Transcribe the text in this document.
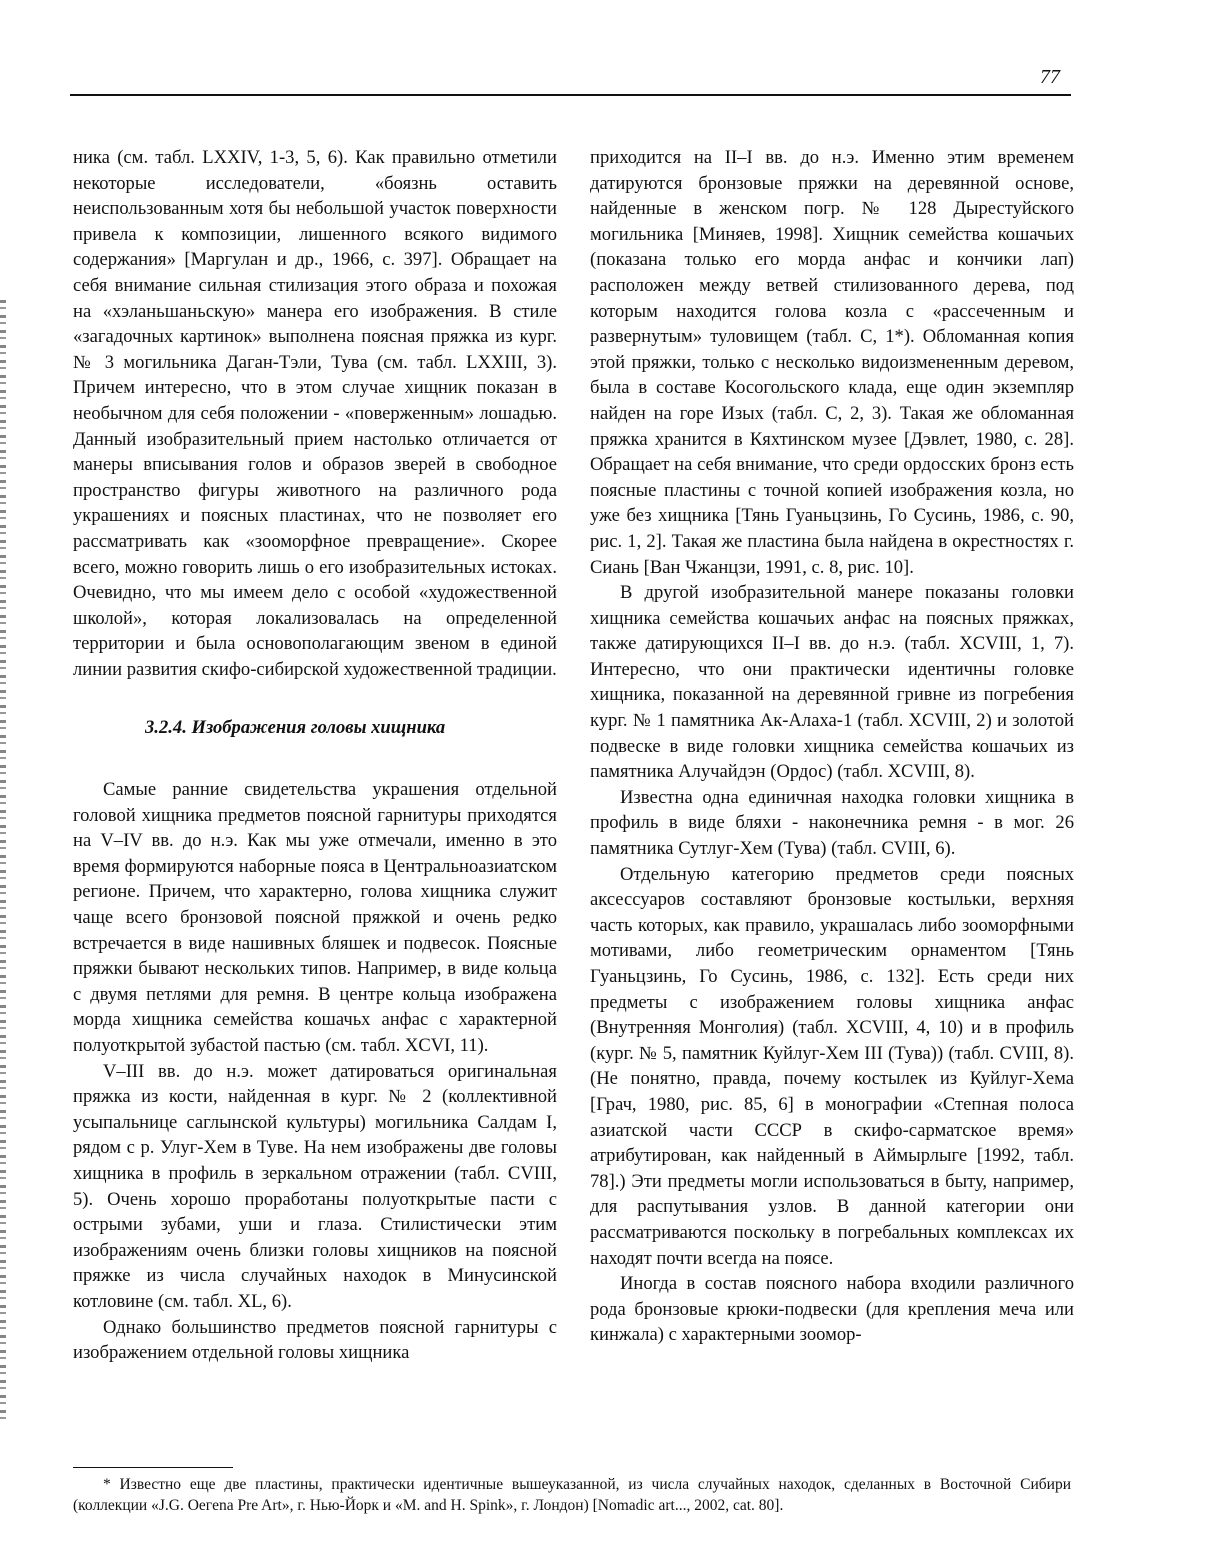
77

ника (см. табл. LXXIV, 1-3, 5, 6). Как правильно отметили некоторые исследователи, «боязнь оставить неиспользованным хотя бы небольшой участок поверхности привела к композиции, лишенного всякого видимого содержания» [Маргулан и др., 1966, с. 397]. Обращает на себя внимание сильная стилизация этого образа и похожая на «хэланьшаньскую» манера его изображения. В стиле «загадочных картинок» выполнена поясная пряжка из кург. № 3 могильника Даган-Тэли, Тува (см. табл. LXXIII, 3). Причем интересно, что в этом случае хищник показан в необычном для себя положении - «поверженным» лошадью. Данный изобразительный прием настолько отличается от манеры вписывания голов и образов зверей в свободное пространство фигуры животного на различного рода украшениях и поясных пластинах, что не позволяет его рассматривать как «зооморфное превращение». Скорее всего, можно говорить лишь о его изобразительных истоках. Очевидно, что мы имеем дело с особой «художественной школой», которая локализовалась на определенной территории и была основополагающим звеном в единой линии развития скифо-сибирской художественной традиции.

3.2.4. Изображения головы хищника

Самые ранние свидетельства украшения отдельной головой хищника предметов поясной гарнитуры приходятся на V–IV вв. до н.э. Как мы уже отмечали, именно в это время формируются наборные пояса в Центральноазиатском регионе. Причем, что характерно, голова хищника служит чаще всего бронзовой поясной пряжкой и очень редко встречается в виде нашивных бляшек и подвесок. Поясные пряжки бывают нескольких типов. Например, в виде кольца с двумя петлями для ремня. В центре кольца изображена морда хищника семейства кошачьх анфас с характерной полуоткрытой зубастой пастью (см. табл. XCVI, 11).

V–III вв. до н.э. может датироваться оригинальная пряжка из кости, найденная в кург. № 2 (коллективной усыпальнице саглынской культуры) могильника Салдам I, рядом с р. Улуг-Хем в Туве. На нем изображены две головы хищника в профиль в зеркальном отражении (табл. CVIII, 5). Очень хорошо проработаны полуоткрытые пасти с острыми зубами, уши и глаза. Стилистически этим изображениям очень близки головы хищников на поясной пряжке из числа случайных находок в Минусинской котловине (см. табл. XL, 6).

Однако большинство предметов поясной гарнитуры с изображением отдельной головы хищника

приходится на II–I вв. до н.э. Именно этим временем датируются бронзовые пряжки на деревянной основе, найденные в женском погр. № 128 Дырестуйского могильника [Миняев, 1998]. Хищник семейства кошачьих (показана только его морда анфас и кончики лап) расположен между ветвей стилизованного дерева, под которым находится голова козла с «рассеченным и развернутым» туловищем (табл. С, 1*). Обломанная копия этой пряжки, только с несколько видоизмененным деревом, была в составе Косогольского клада, еще один экземпляр найден на горе Изых (табл. С, 2, 3). Такая же обломанная пряжка хранится в Кяхтинском музее [Дэвлет, 1980, с. 28]. Обращает на себя внимание, что среди ордосских бронз есть поясные пластины с точной копией изображения козла, но уже без хищника [Тянь Гуаньцзинь, Го Сусинь, 1986, с. 90, рис. 1, 2]. Такая же пластина была найдена в окрестностях г. Сиань [Ван Чжанцзи, 1991, с. 8, рис. 10].

В другой изобразительной манере показаны головки хищника семейства кошачьих анфас на поясных пряжках, также датирующихся II–I вв. до н.э. (табл. XCVIII, 1, 7). Интересно, что они практически идентичны головке хищника, показанной на деревянной гривне из погребения кург. № 1 памятника Ак-Алаха-1 (табл. XCVIII, 2) и золотой подвеске в виде головки хищника семейства кошачьих из памятника Алучайдэн (Ордос) (табл. XCVIII, 8).

Известна одна единичная находка головки хищника в профиль в виде бляхи - наконечника ремня - в мог. 26 памятника Сутлуг-Хем (Тува) (табл. CVIII, 6).

Отдельную категорию предметов среди поясных аксессуаров составляют бронзовые костыльки, верхняя часть которых, как правило, украшалась либо зооморфными мотивами, либо геометрическим орнаментом [Тянь Гуаньцзинь, Го Сусинь, 1986, с. 132]. Есть среди них предметы с изображением головы хищника анфас (Внутренняя Монголия) (табл. XCVIII, 4, 10) и в профиль (кург. № 5, памятник Куйлуг-Хем III (Тува)) (табл. CVIII, 8). (Не понятно, правда, почему костылек из Куйлуг-Хема [Грач, 1980, рис. 85, 6] в монографии «Степная полоса азиатской части СССР в скифо-сарматское время» атрибутирован, как найденный в Аймырлыге [1992, табл. 78].) Эти предметы могли использоваться в быту, например, для распутывания узлов. В данной категории они рассматриваются поскольку в погребальных комплексах их находят почти всегда на поясе.

Иногда в состав поясного набора входили различного рода бронзовые крюки-подвески (для крепления меча или кинжала) с характерными зоомор-

* Известно еще две пластины, практически идентичные вышеуказанной, из числа случайных находок, сделанных в Восточной Сибири (коллекции «J.G. Oeгena Pre Art», г. Нью-Йорк и «M. and H. Spink», г. Лондон) [Nomadic art..., 2002, cat. 80].
